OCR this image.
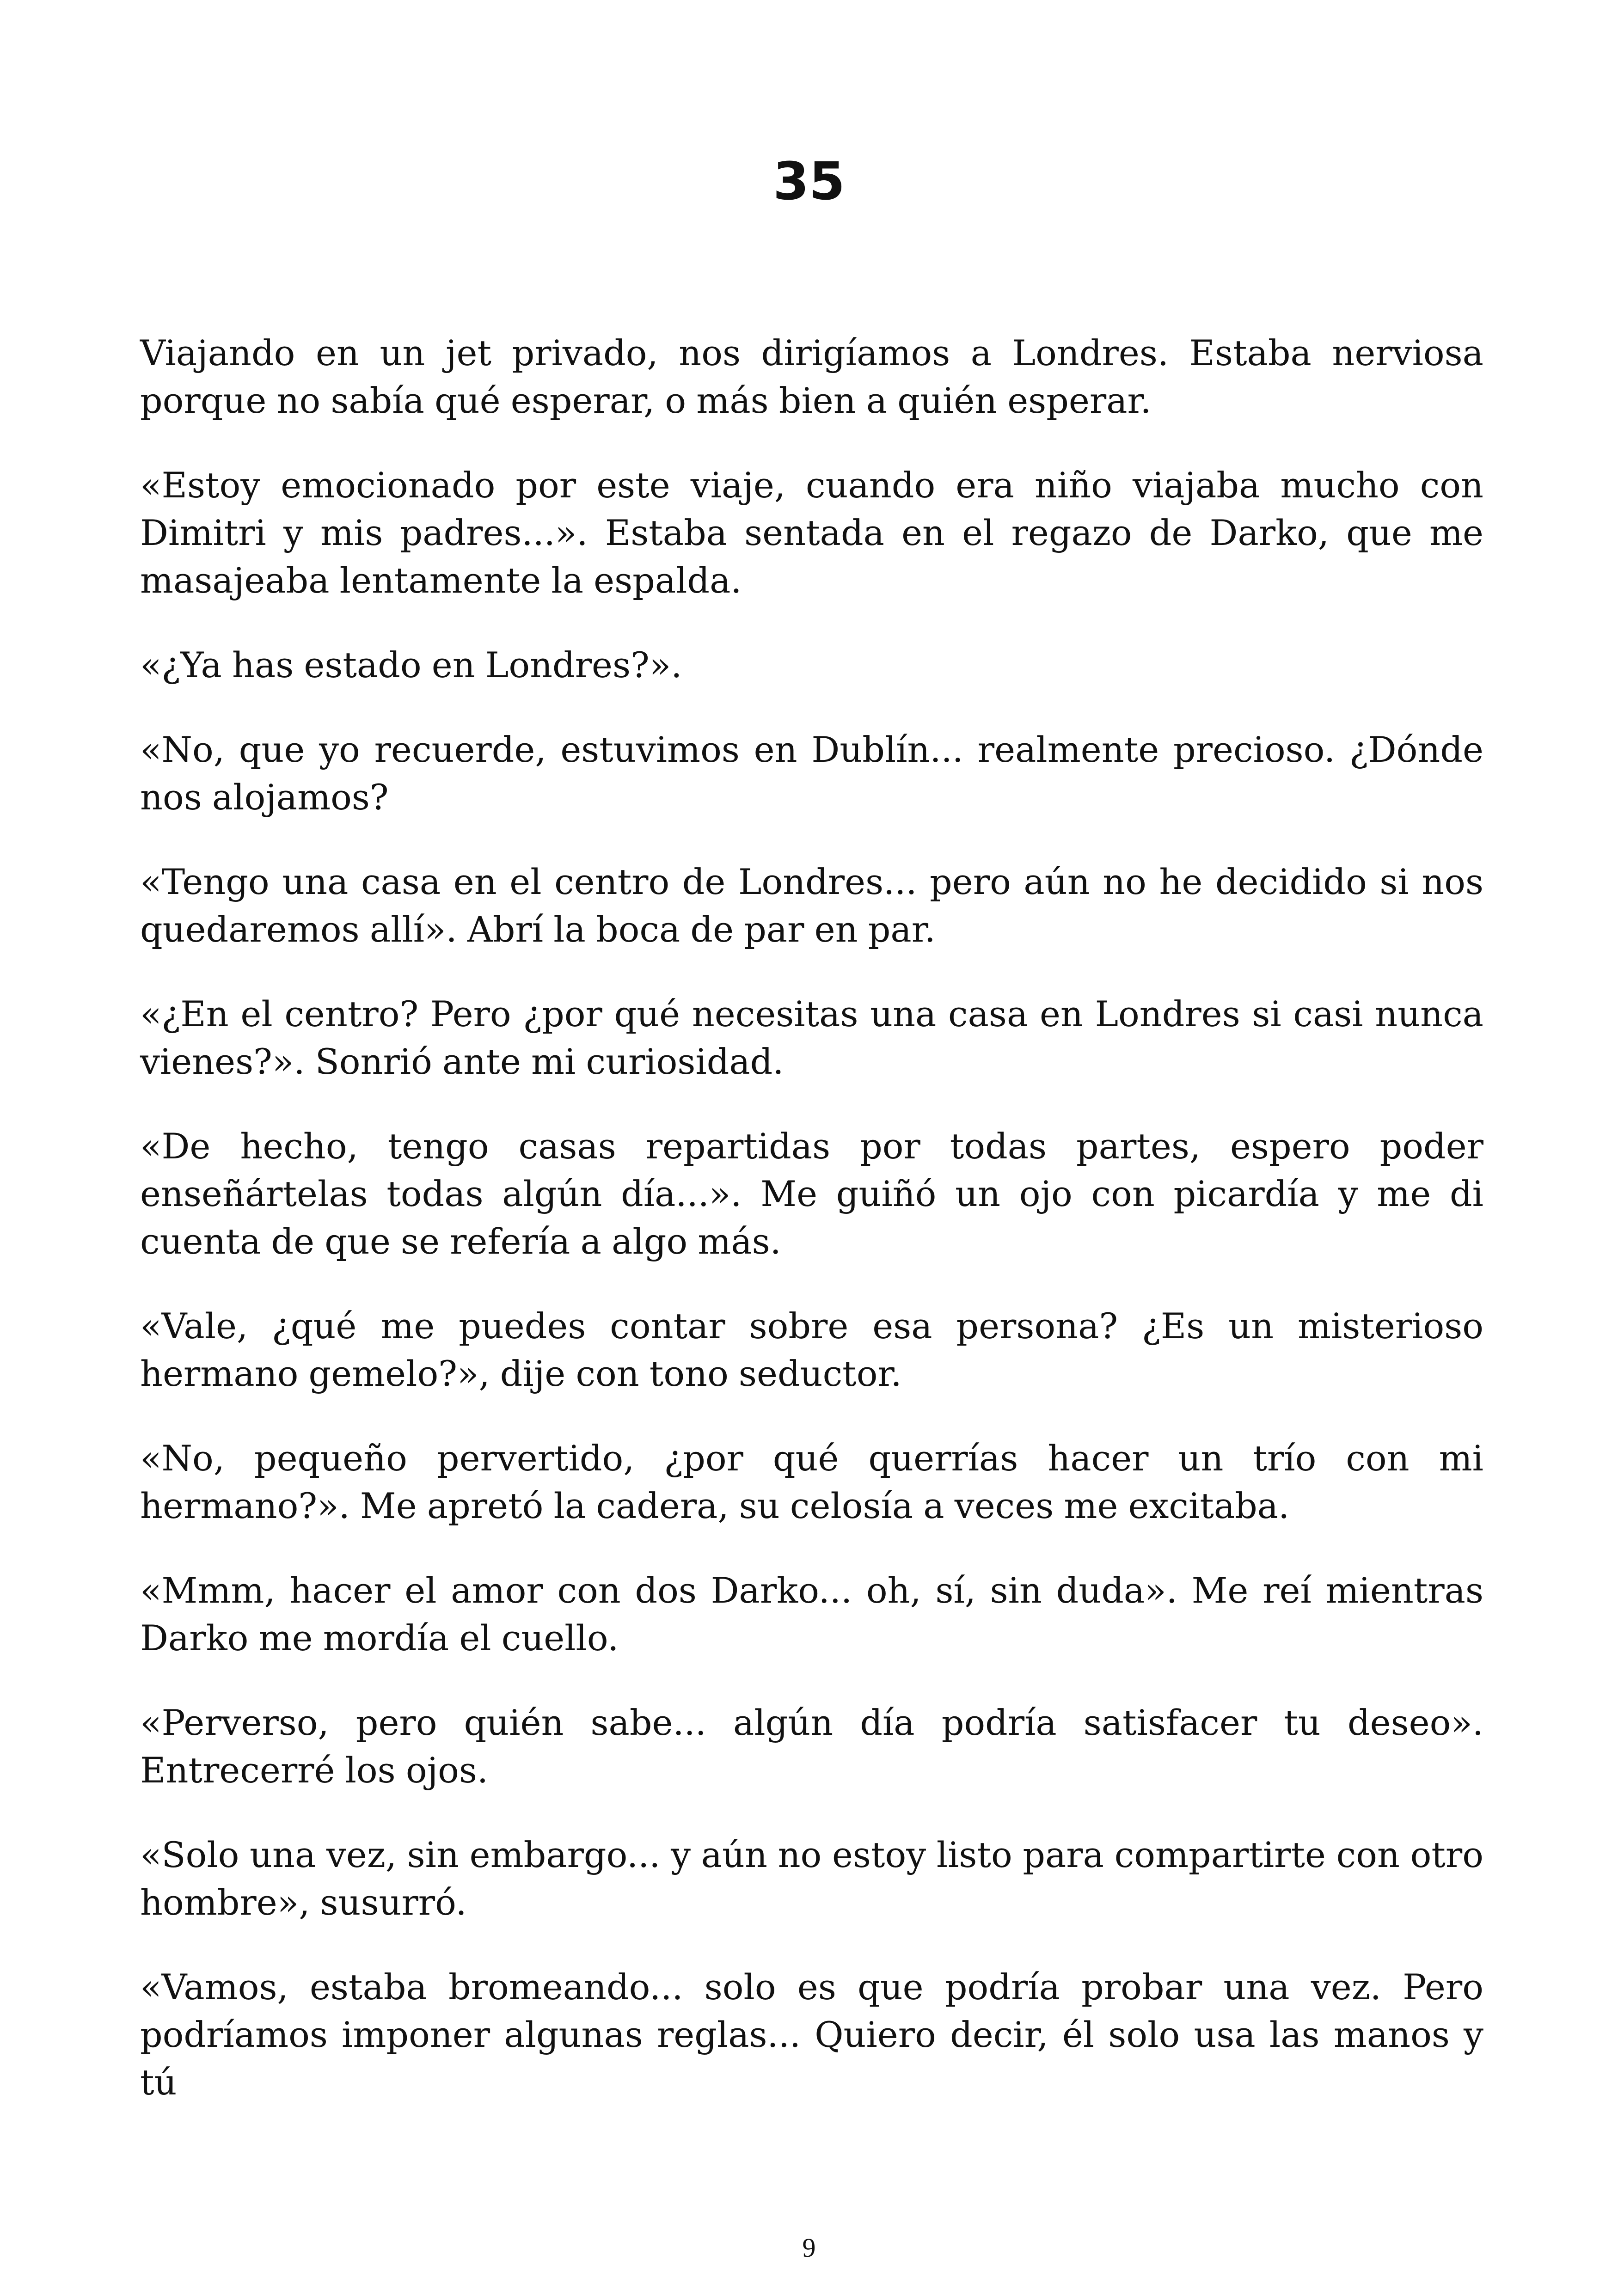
35

Viajando en un jet privado, nos dirigíamos a Londres. Estaba nerviosa porque no sabía qué esperar, o más bien a quién esperar.

«Estoy emocionado por este viaje, cuando era niño viajaba mucho con Dimitri y mis padres...». Estaba sentada en el regazo de Darko, que me masajeaba lentamente la espalda.

«¿Ya has estado en Londres?».

«No, que yo recuerde, estuvimos en Dublín... realmente precioso. ¿Dónde nos alojamos?

«Tengo una casa en el centro de Londres... pero aún no he decidido si nos quedaremos allí». Abrí la boca de par en par.

«¿En el centro? Pero ¿por qué necesitas una casa en Londres si casi nunca vienes?». Sonrió ante mi curiosidad.

«De hecho, tengo casas repartidas por todas partes, espero poder enseñártelas todas algún día...». Me guiñó un ojo con picardía y me di cuenta de que se refería a algo más.

«Vale, ¿qué me puedes contar sobre esa persona? ¿Es un misterioso hermano gemelo?», dije con tono seductor.

«No, pequeño pervertido, ¿por qué querrías hacer un trío con mi hermano?». Me apretó la cadera, su celosía a veces me excitaba.

«Mmm, hacer el amor con dos Darko... oh, sí, sin duda». Me reí mientras Darko me mordía el cuello.

«Perverso, pero quién sabe... algún día podría satisfacer tu deseo». Entrecerré los ojos.

«Solo una vez, sin embargo... y aún no estoy listo para compartirte con otro hombre», susurró.

«Vamos, estaba bromeando... solo es que podría probar una vez. Pero podríamos imponer algunas reglas... Quiero decir, él solo usa las manos y tú

9
